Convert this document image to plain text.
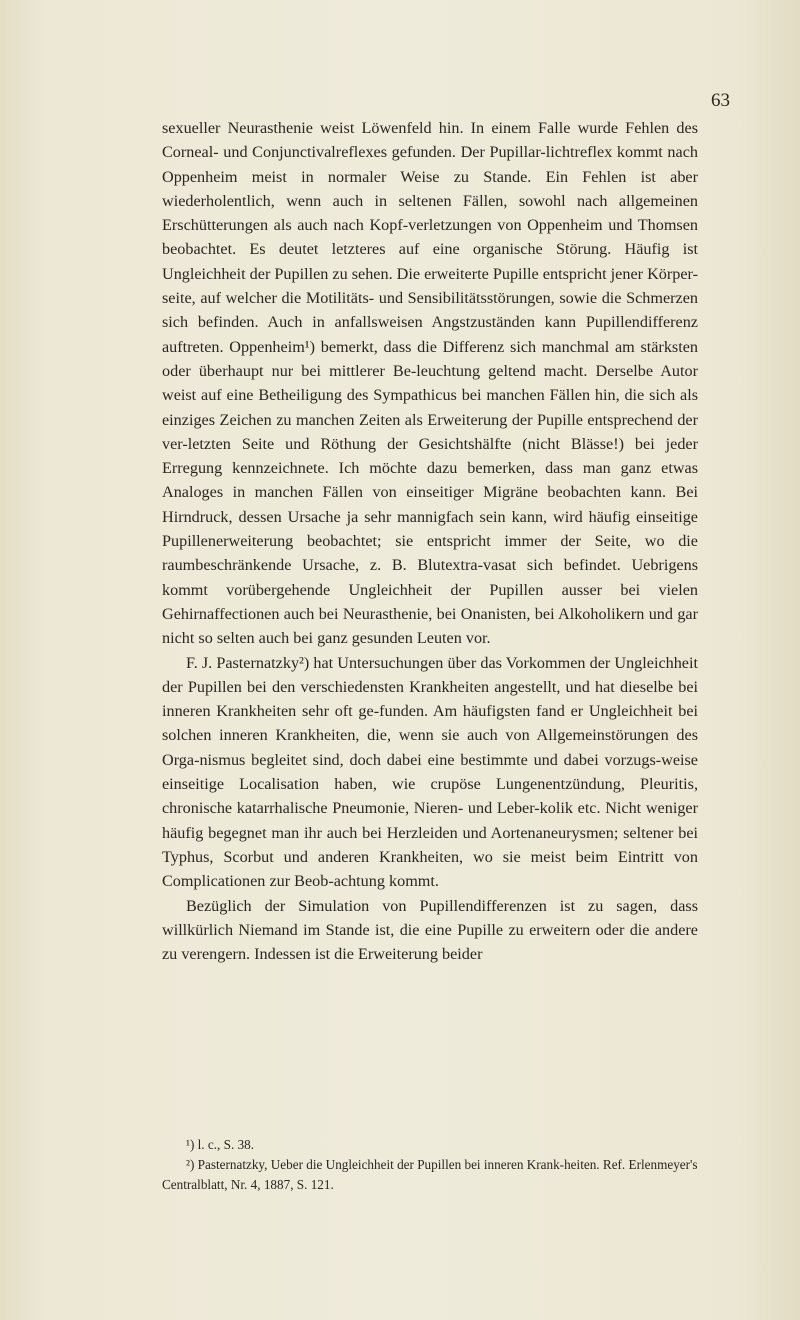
63

sexueller Neurasthenie weist Löwenfeld hin. In einem Falle wurde Fehlen des Corneal- und Conjunctivalreflexes gefunden. Der Pupillar-lichtreflex kommt nach Oppenheim meist in normaler Weise zu Stande. Ein Fehlen ist aber wiederholentlich, wenn auch in seltenen Fällen, sowohl nach allgemeinen Erschütterungen als auch nach Kopf-verletzungen von Oppenheim und Thomsen beobachtet. Es deutet letzteres auf eine organische Störung. Häufig ist Ungleichheit der Pupillen zu sehen. Die erweiterte Pupille entspricht jener Körper-seite, auf welcher die Motilitäts- und Sensibilitätsstörungen, sowie die Schmerzen sich befinden. Auch in anfallsweisen Angstzuständen kann Pupillendifferenz auftreten. Oppenheim¹) bemerkt, dass die Differenz sich manchmal am stärksten oder überhaupt nur bei mittlerer Be-leuchtung geltend macht. Derselbe Autor weist auf eine Betheiligung des Sympathicus bei manchen Fällen hin, die sich als einziges Zeichen zu manchen Zeiten als Erweiterung der Pupille entsprechend der ver-letzten Seite und Röthung der Gesichtshälfte (nicht Blässe!) bei jeder Erregung kennzeichnete. Ich möchte dazu bemerken, dass man ganz etwas Analoges in manchen Fällen von einseitiger Migräne beobachten kann. Bei Hirndruck, dessen Ursache ja sehr mannigfach sein kann, wird häufig einseitige Pupillenerweiterung beobachtet; sie entspricht immer der Seite, wo die raumbeschränkende Ursache, z. B. Blutextra-vasat sich befindet. Uebrigens kommt vorübergehende Ungleichheit der Pupillen ausser bei vielen Gehirnaffectionen auch bei Neurasthenie, bei Onanisten, bei Alkoholikern und gar nicht so selten auch bei ganz gesunden Leuten vor.

F. J. Pasternatzky²) hat Untersuchungen über das Vorkommen der Ungleichheit der Pupillen bei den verschiedensten Krankheiten angestellt, und hat dieselbe bei inneren Krankheiten sehr oft ge-funden. Am häufigsten fand er Ungleichheit bei solchen inneren Krankheiten, die, wenn sie auch von Allgemeinstörungen des Orga-nismus begleitet sind, doch dabei eine bestimmte und dabei vorzugs-weise einseitige Localisation haben, wie crupöse Lungenentzündung, Pleuritis, chronische katarrhalische Pneumonie, Nieren- und Leber-kolik etc. Nicht weniger häufig begegnet man ihr auch bei Herzleiden und Aortenaneurysmen; seltener bei Typhus, Scorbut und anderen Krankheiten, wo sie meist beim Eintritt von Complicationen zur Beob-achtung kommt.

Bezüglich der Simulation von Pupillendifferenzen ist zu sagen, dass willkürlich Niemand im Stande ist, die eine Pupille zu erweitern oder die andere zu verengern. Indessen ist die Erweiterung beider

¹) l. c., S. 38.

²) Pasternatzky, Ueber die Ungleichheit der Pupillen bei inneren Krank-heiten. Ref. Erlenmeyer's Centralblatt, Nr. 4, 1887, S. 121.
